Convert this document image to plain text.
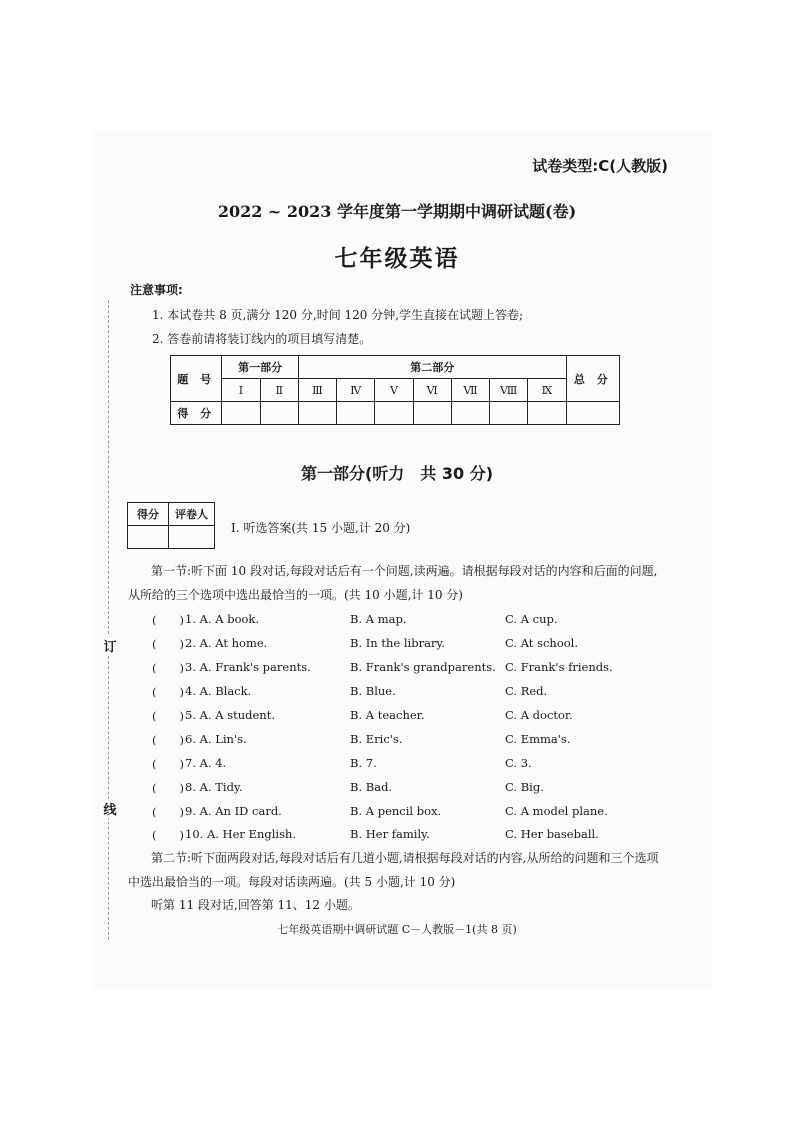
订
线
试卷类型:C(人教版)
2022 ~ 2023 学年度第一学期期中调研试题(卷)
七年级英语
注意事项:
1. 本试卷共 8 页,满分 120 分,时间 120 分钟,学生直接在试题上答卷;
2. 答卷前请将装订线内的项目填写清楚。
题 号	第一部分		第二部分							总 分
	Ⅰ	Ⅱ	Ⅲ	Ⅳ	Ⅴ	Ⅵ	Ⅶ	Ⅷ	Ⅸ	
得 分										
第一部分(听力　共 30 分)
得分	评卷人

Ⅰ. 听选答案(共 15 小题,计 20 分)
第一节:听下面 10 段对话,每段对话后有一个问题,读两遍。请根据每段对话的内容和后面的问题,从所给的三个选项中选出最恰当的一项。(共 10 小题,计 10 分)
(　　) 1. A. A book.	B. A map.	C. A cup.
(　　) 2. A. At home.	B. In the library.	C. At school.
(　　) 3. A. Frank's parents.	B. Frank's grandparents. C. Frank's friends.
(　　) 4. A. Black.	B. Blue.	C. Red.
(　　) 5. A. A student.	B. A teacher.	C. A doctor.
(　　) 6. A. Lin's.	B. Eric's.	C. Emma's.
(　　) 7. A. 4.	B. 7.	C. 3.
(　　) 8. A. Tidy.	B. Bad.	C. Big.
(　　) 9. A. An ID card.	B. A pencil box.	C. A model plane.
(　　) 10. A. Her English.	B. Her family.	C. Her baseball.
第二节:听下面两段对话,每段对话后有几道小题,请根据每段对话的内容,从所给的问题和三个选项中选出最恰当的一项。每段对话读两遍。(共 5 小题,计 10 分)
听第 11 段对话,回答第 11、12 小题。
七年级英语期中调研试题 C－人教版－1(共 8 页)
